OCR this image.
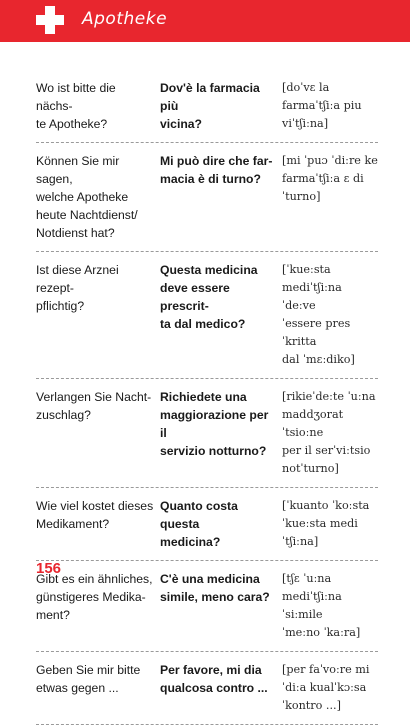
Apotheke
Wo ist bitte die nächs-
te Apotheke?
Dov'è la farmacia più
vicina?
[doˈvɛ la
farmaˈtʃiːa piu
viˈtʃiːna]
Können Sie mir sagen,
welche Apotheke
heute Nachtdienst/
Notdienst hat?
Mi può dire che far-
macia è di turno?
[mi ˈpuɔ ˈdiːre ke
farmaˈtʃiːa ɛ di
ˈturno]
Ist diese Arznei rezept-
pflichtig?
Questa medicina
deve essere prescrit-
ta dal medico?
[ˈkueːsta
mediˈtʃiːna ˈdeːve
ˈessere presˈkritta
dal ˈmɛːdiko]
Verlangen Sie Nacht-
zuschlag?
Richiedete una
maggiorazione per il
servizio notturno?
[rikieˈdeːte ˈuːna
maddʒoratˈtsioːne
per il serˈviːtsio
notˈturno]
Wie viel kostet dieses
Medikament?
Quanto costa questa
medicina?
[ˈkuanto ˈkoːsta
ˈkueːsta mediˈtʃiːna]
Gibt es ein ähnliches,
günstigeres Medika-
ment?
C'è una medicina
simile, meno cara?
[tʃɛ ˈuːna
mediˈtʃiːna ˈsiːmile
ˈmeːno ˈkaːra]
Geben Sie mir bitte
etwas gegen ...
Per favore, mi dia
qualcosa contro ...
[per faˈvoːre mi
ˈdiːa kualˈkɔːsa
ˈkontro ...]
156
